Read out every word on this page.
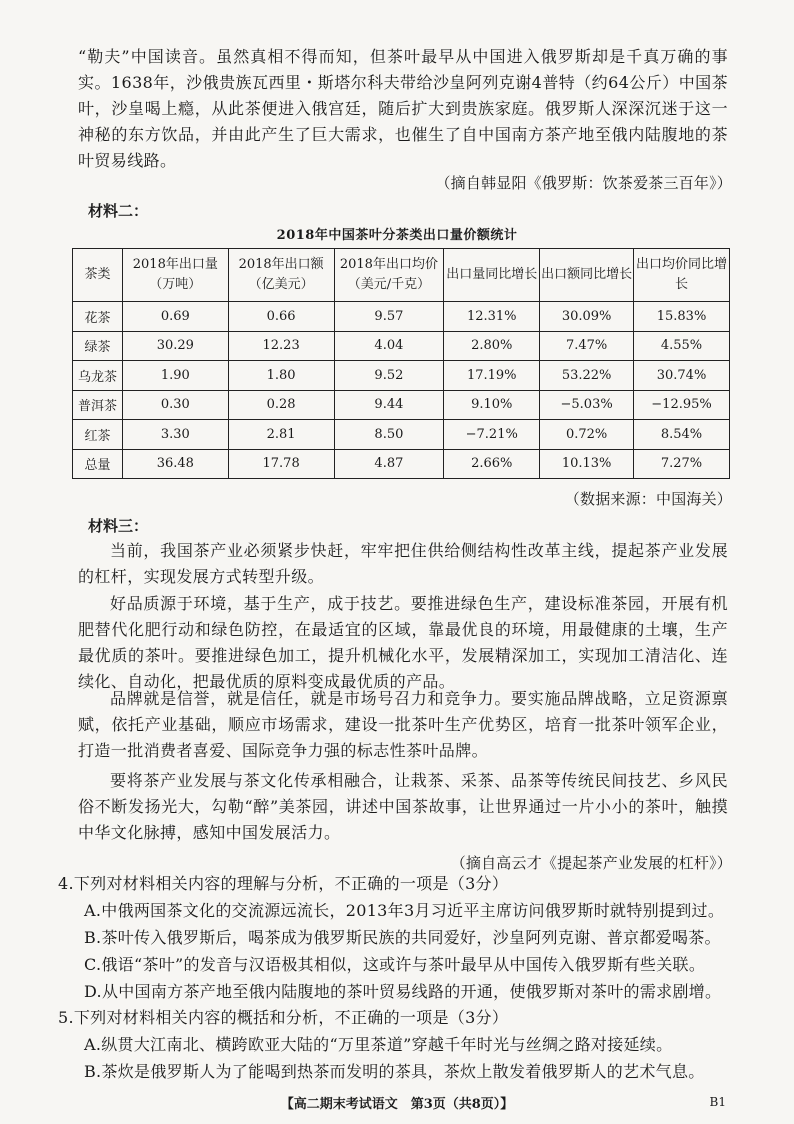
“勒夫”中国读音。虽然真相不得而知，但茶叶最早从中国进入俄罗斯却是千真万确的事实。1638年，沙俄贵族瓦西里・斯塔尔科夫带给沙皇阿列克谢4普特（约64公斤）中国茶叶，沙皇喝上瘾，从此茶便进入俄宫廷，随后扩大到贵族家庭。俄罗斯人深深沉迷于这一神秘的东方饮品，并由此产生了巨大需求，也催生了自中国南方茶产地至俄内陆腹地的茶叶贸易线路。

（摘自韩显阳《俄罗斯：饮茶爱茶三百年》）
材料二：
2018年中国茶叶分茶类出口量价额统计
茶类	2018年出口量（万吨）	2018年出口额（亿美元）	2018年出口均价（美元/千克）	出口量同比增长	出口额同比增长	出口均价同比增长
花茶	0.69	0.66	9.57	12.31%	30.09%	15.83%
绿茶	30.29	12.23	4.04	2.80%	7.47%	4.55%
乌龙茶	1.90	1.80	9.52	17.19%	53.22%	30.74%
普洱茶	0.30	0.28	9.44	9.10%	−5.03%	−12.95%
红茶	3.30	2.81	8.50	−7.21%	0.72%	8.54%
总量	36.48	17.78	4.87	2.66%	10.13%	7.27%
（数据来源：中国海关）
材料三：

当前，我国茶产业必须紧步快赶，牢牢把住供给侧结构性改革主线，提起茶产业发展的杠杆，实现发展方式转型升级。

好品质源于环境，基于生产，成于技艺。要推进绿色生产，建设标准茶园，开展有机肥替代化肥行动和绿色防控，在最适宜的区域，靠最优良的环境，用最健康的土壤，生产最优质的茶叶。要推进绿色加工，提升机械化水平，发展精深加工，实现加工清洁化、连续化、自动化，把最优质的原料变成最优质的产品。

品牌就是信誉，就是信任，就是市场号召力和竞争力。要实施品牌战略，立足资源禀赋，依托产业基础，顺应市场需求，建设一批茶叶生产优势区，培育一批茶叶领军企业，打造一批消费者喜爱、国际竞争力强的标志性茶叶品牌。

要将茶产业发展与茶文化传承相融合，让栽茶、采茶、品茶等传统民间技艺、乡风民俗不断发扬光大，勾勒“醉”美茶园，讲述中国茶故事，让世界通过一片小小的茶叶，触摸中华文化脉搏，感知中国发展活力。

（摘自高云才《提起茶产业发展的杠杆》）
4.下列对材料相关内容的理解与分析，不正确的一项是（3分）
A.中俄两国茶文化的交流源远流长，2013年3月习近平主席访问俄罗斯时就特别提到过。
B.茶叶传入俄罗斯后，喝茶成为俄罗斯民族的共同爱好，沙皇阿列克谢、普京都爱喝茶。
C.俄语“茶叶”的发音与汉语极其相似，这或许与茶叶最早从中国传入俄罗斯有些关联。
D.从中国南方茶产地至俄内陆腹地的茶叶贸易线路的开通，使俄罗斯对茶叶的需求剧增。
5.下列对材料相关内容的概括和分析，不正确的一项是（3分）
A.纵贯大江南北、横跨欧亚大陆的“万里茶道”穿越千年时光与丝绸之路对接延续。
B.茶炊是俄罗斯人为了能喝到热茶而发明的茶具，茶炊上散发着俄罗斯人的艺术气息。
【高二期末考试语文　第3页（共8页）】	B1
